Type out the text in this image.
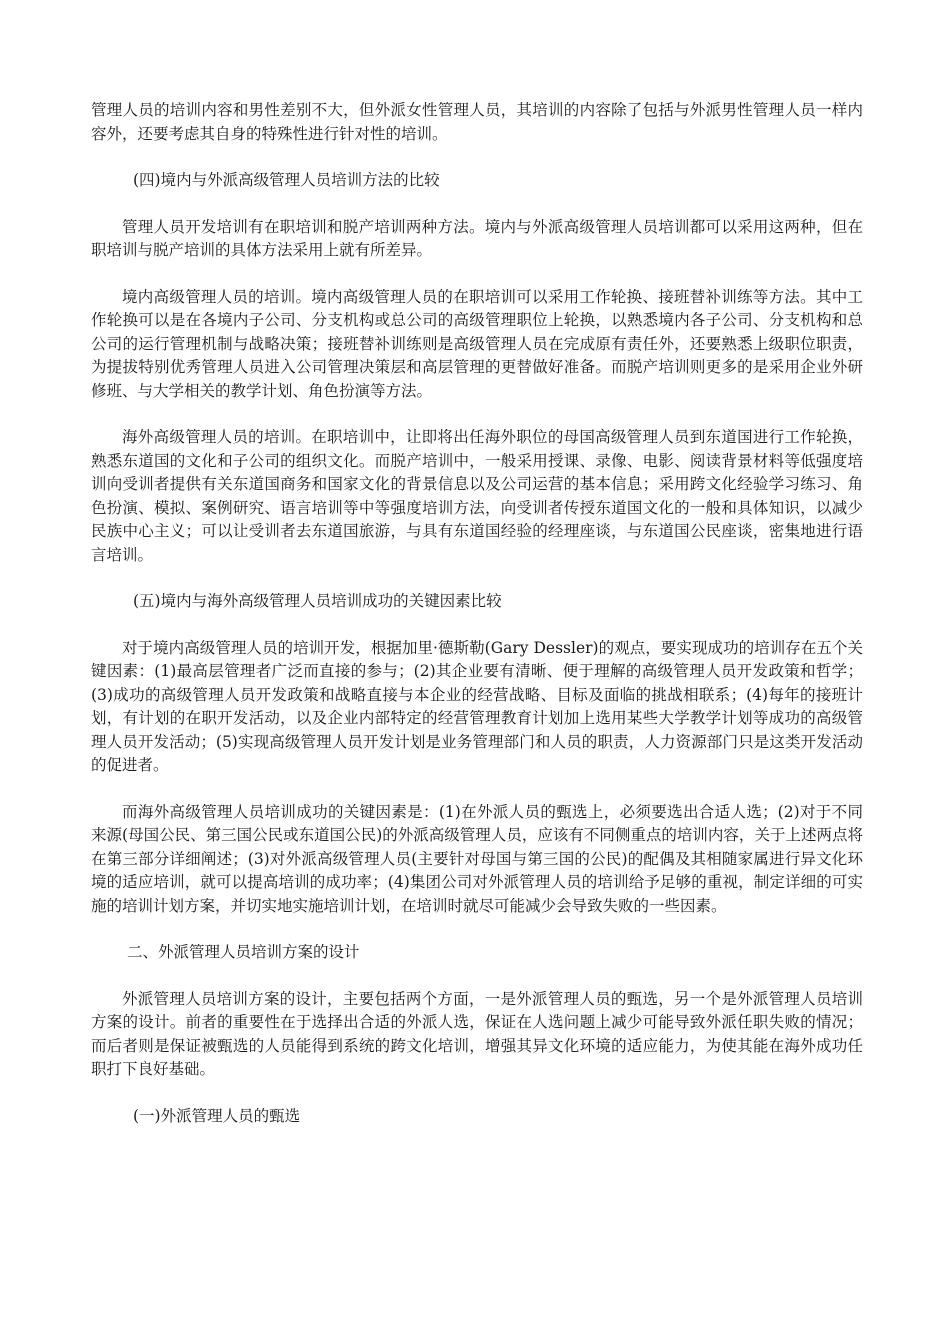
管理人员的培训内容和男性差别不大，但外派女性管理人员，其培训的内容除了包括与外派男性管理人员一样内容外，还要考虑其自身的特殊性进行针对性的培训。

(四)境内与外派高级管理人员培训方法的比较

管理人员开发培训有在职培训和脱产培训两种方法。境内与外派高级管理人员培训都可以采用这两种，但在职培训与脱产培训的具体方法采用上就有所差异。

境内高级管理人员的培训。境内高级管理人员的在职培训可以采用工作轮换、接班替补训练等方法。其中工作轮换可以是在各境内子公司、分支机构或总公司的高级管理职位上轮换，以熟悉境内各子公司、分支机构和总公司的运行管理机制与战略决策；接班替补训练则是高级管理人员在完成原有责任外，还要熟悉上级职位职责，为提拔特别优秀管理人员进入公司管理决策层和高层管理的更替做好准备。而脱产培训则更多的是采用企业外研修班、与大学相关的教学计划、角色扮演等方法。

海外高级管理人员的培训。在职培训中，让即将出任海外职位的母国高级管理人员到东道国进行工作轮换，熟悉东道国的文化和子公司的组织文化。而脱产培训中，一般采用授课、录像、电影、阅读背景材料等低强度培训向受训者提供有关东道国商务和国家文化的背景信息以及公司运营的基本信息；采用跨文化经验学习练习、角色扮演、模拟、案例研究、语言培训等中等强度培训方法，向受训者传授东道国文化的一般和具体知识，以减少民族中心主义；可以让受训者去东道国旅游，与具有东道国经验的经理座谈，与东道国公民座谈，密集地进行语言培训。

(五)境内与海外高级管理人员培训成功的关键因素比较

对于境内高级管理人员的培训开发，根据加里·德斯勒(Gary Dessler)的观点，要实现成功的培训存在五个关键因素：(1)最高层管理者广泛而直接的参与；(2)其企业要有清晰、便于理解的高级管理人员开发政策和哲学；(3)成功的高级管理人员开发政策和战略直接与本企业的经营战略、目标及面临的挑战相联系；(4)每年的接班计划，有计划的在职开发活动，以及企业内部特定的经营管理教育计划加上选用某些大学教学计划等成功的高级管理人员开发活动；(5)实现高级管理人员开发计划是业务管理部门和人员的职责，人力资源部门只是这类开发活动的促进者。

而海外高级管理人员培训成功的关键因素是：(1)在外派人员的甄选上，必须要选出合适人选；(2)对于不同来源(母国公民、第三国公民或东道国公民)的外派高级管理人员，应该有不同侧重点的培训内容，关于上述两点将在第三部分详细阐述；(3)对外派高级管理人员(主要针对母国与第三国的公民)的配偶及其相随家属进行异文化环境的适应培训，就可以提高培训的成功率；(4)集团公司对外派管理人员的培训给予足够的重视，制定详细的可实施的培训计划方案，并切实地实施培训计划，在培训时就尽可能减少会导致失败的一些因素。

二、外派管理人员培训方案的设计

外派管理人员培训方案的设计，主要包括两个方面，一是外派管理人员的甄选，另一个是外派管理人员培训方案的设计。前者的重要性在于选择出合适的外派人选，保证在人选问题上减少可能导致外派任职失败的情况；而后者则是保证被甄选的人员能得到系统的跨文化培训，增强其异文化环境的适应能力，为使其能在海外成功任职打下良好基础。

(一)外派管理人员的甄选
